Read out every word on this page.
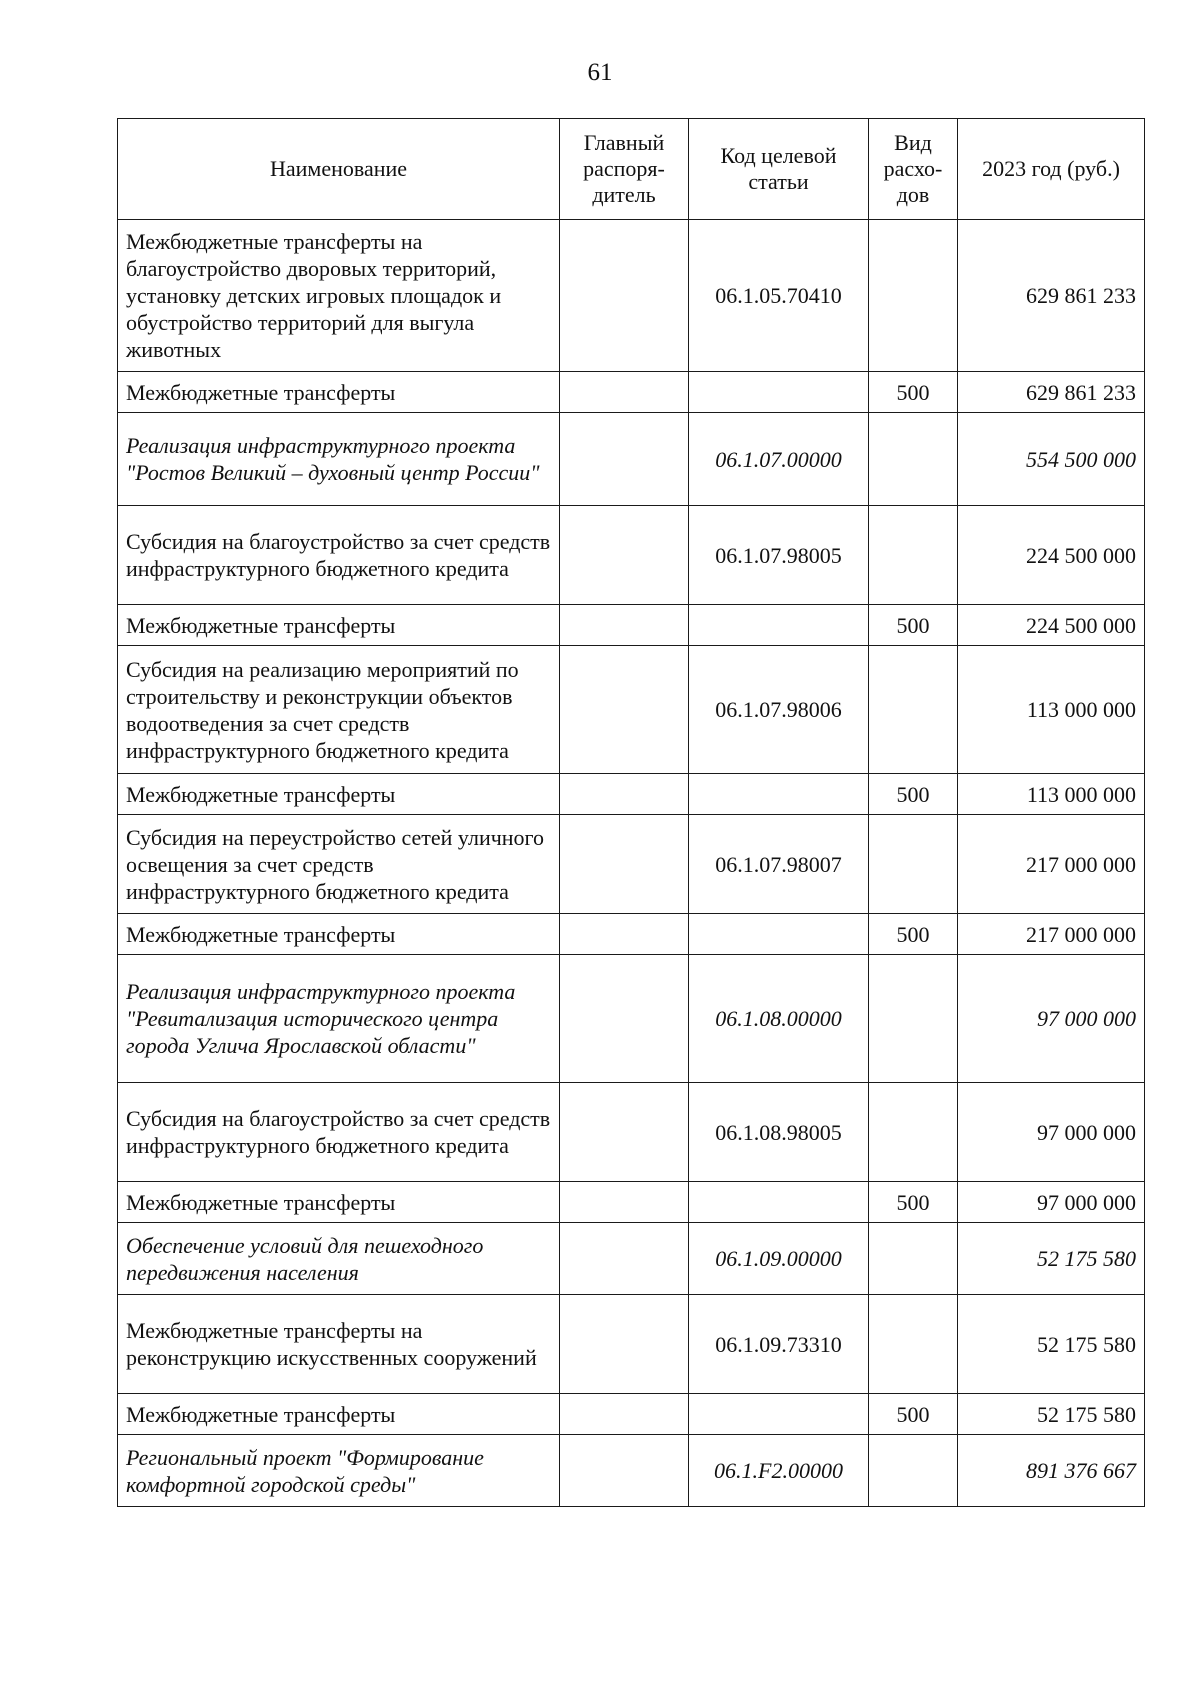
61
Наименование	Главный распоря-дитель	Код целевой статьи	Вид расхо-дов	2023 год (руб.)
Межбюджетные трансферты на благоустройство дворовых территорий, установку детских игровых площадок и обустройство территорий для выгула животных		06.1.05.70410		629 861 233
Межбюджетные трансферты			500	629 861 233
Реализация инфраструктурного проекта "Ростов Великий – духовный центр России"		06.1.07.00000		554 500 000
Субсидия на благоустройство за счет средств инфраструктурного бюджетного кредита		06.1.07.98005		224 500 000
Межбюджетные трансферты			500	224 500 000
Субсидия на реализацию мероприятий по строительству и реконструкции объектов водоотведения за счет средств инфраструктурного бюджетного кредита		06.1.07.98006		113 000 000
Межбюджетные трансферты			500	113 000 000
Субсидия на переустройство сетей уличного освещения за счет средств инфраструктурного бюджетного кредита		06.1.07.98007		217 000 000
Межбюджетные трансферты			500	217 000 000
Реализация инфраструктурного проекта "Ревитализация исторического центра города Углича Ярославской области"		06.1.08.00000		97 000 000
Субсидия на благоустройство за счет средств инфраструктурного бюджетного кредита		06.1.08.98005		97 000 000
Межбюджетные трансферты			500	97 000 000
Обеспечение условий для пешеходного передвижения населения		06.1.09.00000		52 175 580
Межбюджетные трансферты на реконструкцию искусственных сооружений		06.1.09.73310		52 175 580
Межбюджетные трансферты			500	52 175 580
Региональный проект "Формирование комфортной городской среды"		06.1.F2.00000		891 376 667
